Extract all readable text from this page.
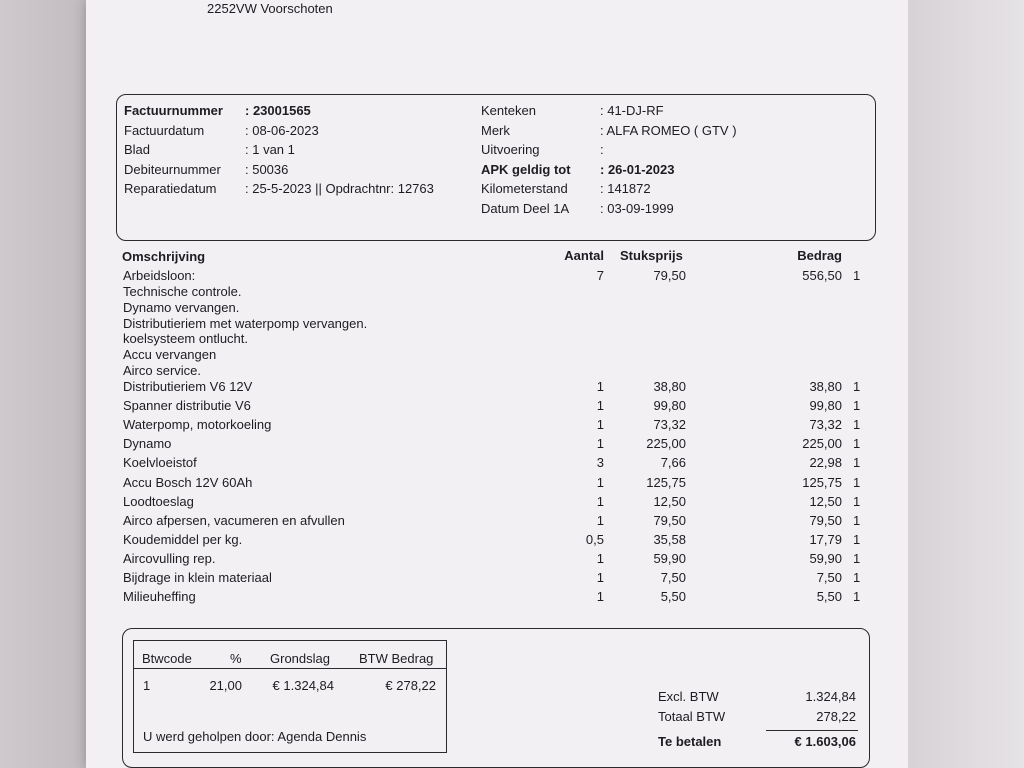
2252VW Voorschoten
Factuurnummer : 23001565
Factuurdatum	: 08-06-2023
Blad	: 1 van 1
Debiteurnummer : 50036
Reparatiedatum : 25-5-2023 || Opdrachtnr: 12763
Kenteken	: 41-DJ-RF
Merk	: ALFA ROMEO ( GTV )
Uitvoering	:
APK geldig tot : 26-01-2023
Kilometerstand : 141872
Datum Deel 1A : 03-09-1999
Omschrijving	Aantal Stuksprijs	Bedrag
Arbeidsloon:	7	79,50	556,50 1
Technische controle.
Dynamo vervangen.
Distributieriem met waterpomp vervangen.
koelsysteem ontlucht.
Accu vervangen
Airco service.
Distributieriem V6 12V	1	38,80	38,80 1
Spanner distributie V6	1	99,80	99,80 1
Waterpomp, motorkoeling	1	73,32	73,32 1
Dynamo	1	225,00	225,00 1
Koelvloeistof	3	7,66	22,98 1
Accu Bosch 12V 60Ah	1	125,75	125,75 1
Loodtoeslag	1	12,50	12,50 1
Airco afpersen, vacumeren en afvullen	1	79,50	79,50 1
Koudemiddel per kg.	0,5	35,58	17,79 1
Aircovulling rep.	1	59,90	59,90 1
Bijdrage in klein materiaal	1	7,50	7,50 1
Milieuheffing	1	5,50	5,50 1
Btwcode	% Grondslag BTW Bedrag
1	21,00	€ 1.324,84	€ 278,22
U werd geholpen door: Agenda Dennis
Excl. BTW	1.324,84
Totaal BTW	278,22
Te betalen	€ 1.603,06
